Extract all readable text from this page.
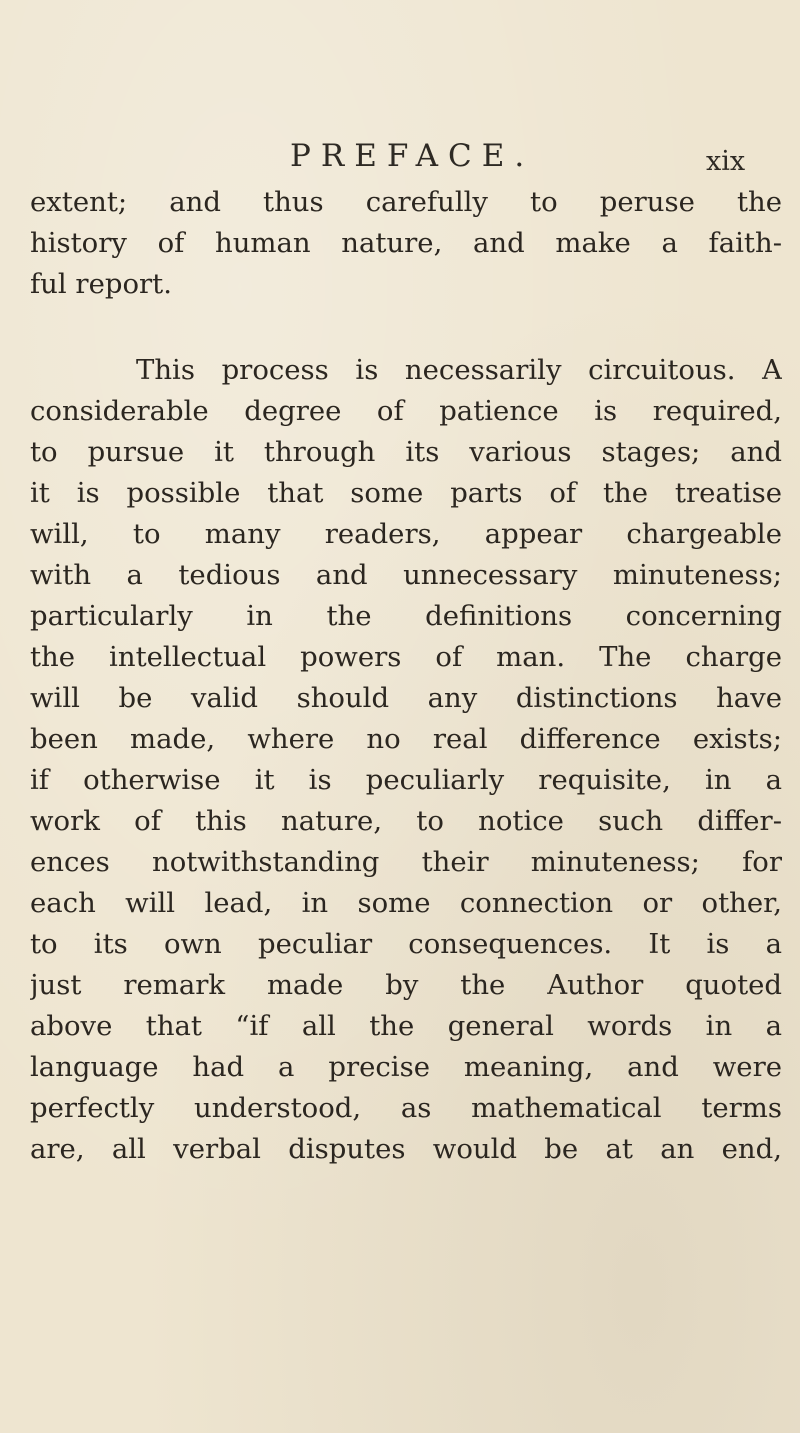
PREFACE.	xix
extent; and thus carefully to peruse the
history of human nature, and make a faith-
ful report.
This process is necessarily circuitous. A
considerable degree of patience is required,
to pursue it through its various stages; and
it is possible that some parts of the treatise
will, to many readers, appear chargeable
with a tedious and unnecessary minuteness;
particularly in the definitions concerning
the intellectual powers of man. The charge
will be valid should any distinctions have
been made, where no real difference exists;
if otherwise it is peculiarly requisite, in a
work of this nature, to notice such differ-
ences notwithstanding their minuteness; for
each will lead, in some connection or other,
to its own peculiar consequences. It is a
just remark made by the Author quoted
above that “if all the general words in a
language had a precise meaning, and were
perfectly understood, as mathematical terms
are, all verbal disputes would be at an end,
